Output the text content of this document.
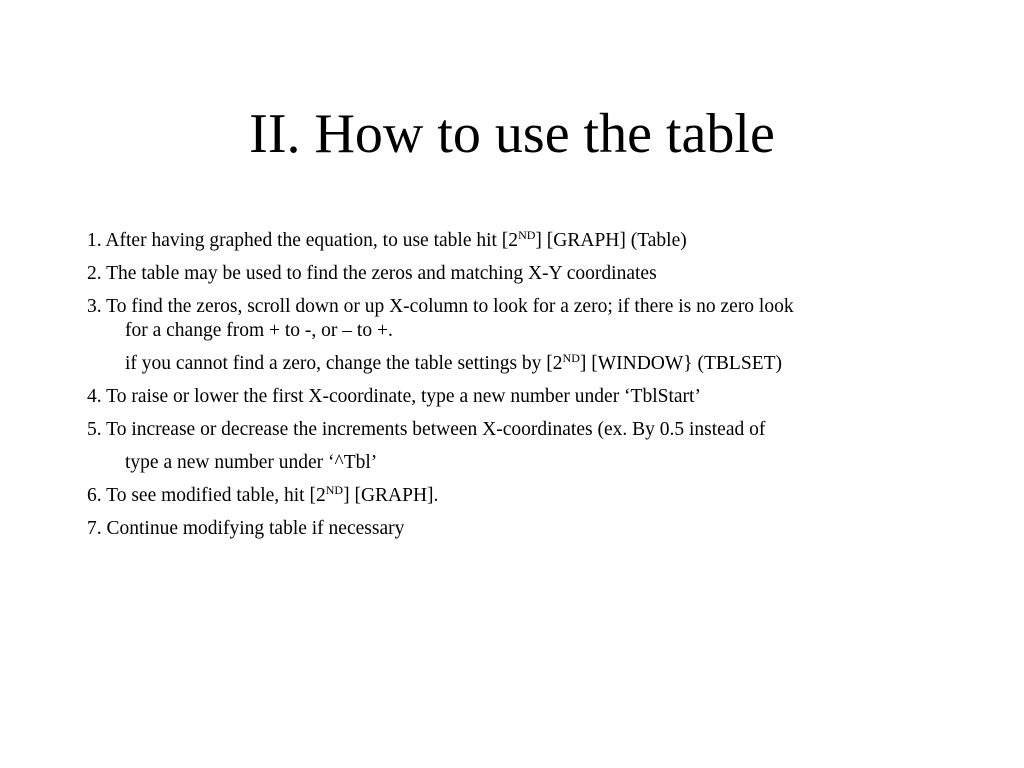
II. How to use the table
1. After having graphed the equation, to use table hit [2ND] [GRAPH] (Table)
2. The table may be used to find the zeros and matching X-Y coordinates
3. To find the zeros, scroll down or up X-column to look for a zero; if there is no zero look
for a change from + to -, or – to +.
if you cannot find a zero, change the table settings by [2ND] [WINDOW} (TBLSET)
4. To raise or lower the first X-coordinate, type a new number under ‘TblStart’
5. To increase or decrease the increments between X-coordinates (ex. By 0.5 instead of
type a new number under ‘^Tbl’
6. To see modified table, hit [2ND] [GRAPH].
7. Continue modifying table if necessary
